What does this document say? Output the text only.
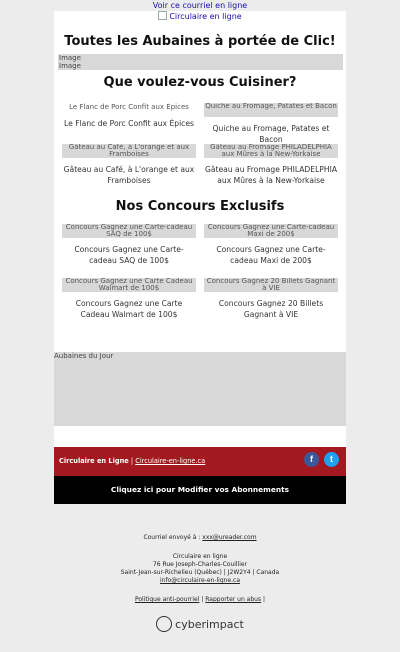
Voir ce courriel en ligne
Circulaire en ligne
Toutes les Aubaines à portée de Clic!
Image
Image
Que voulez-vous Cuisiner?
Le Flanc de Porc Confit aux Épices
Le Flanc de Porc Confit aux Épices
Quiche au Fromage, Patates et Bacon
Quiche au Fromage, Patates et Bacon
Gâteau au Café, à L'orange et aux Framboises
Gâteau au Café, à L'orange et aux Framboises
Gâteau au Fromage PHILADELPHIA aux Mûres à la New-Yorkaise
Gâteau au Fromage PHILADELPHIA aux Mûres à la New-Yorkaise
Nos Concours Exclusifs
Concours Gagnez une Carte-cadeau SAQ de 100$
Concours Gagnez une Carte-cadeau SAQ de 100$
Concours Gagnez une Carte-cadeau Maxi de 200$
Concours Gagnez une Carte-cadeau Maxi de 200$
Concours Gagnez une Carte Cadeau Walmart de 100$
Concours Gagnez une Carte Cadeau Walmart de 100$
Concours Gagnez 20 Billets Gagnant à VIE
Concours Gagnez 20 Billets Gagnant à VIE
Aubaines du Jour
Circulaire en Ligne | Circulaire-en-ligne.ca	f	t
Cliquez ici pour Modifier vos Abonnements
Courriel envoyé à : xxx@ureader.com
Circulaire en ligne
76 Rue Joseph-Charles-Couillier
Saint-Jean-sur-Richelieu (Québec) | J2W2Y4 | Canada
info@circulaire-en-ligne.ca
Politique anti-pourriel | Rapporter un abus |
cyberimpact
